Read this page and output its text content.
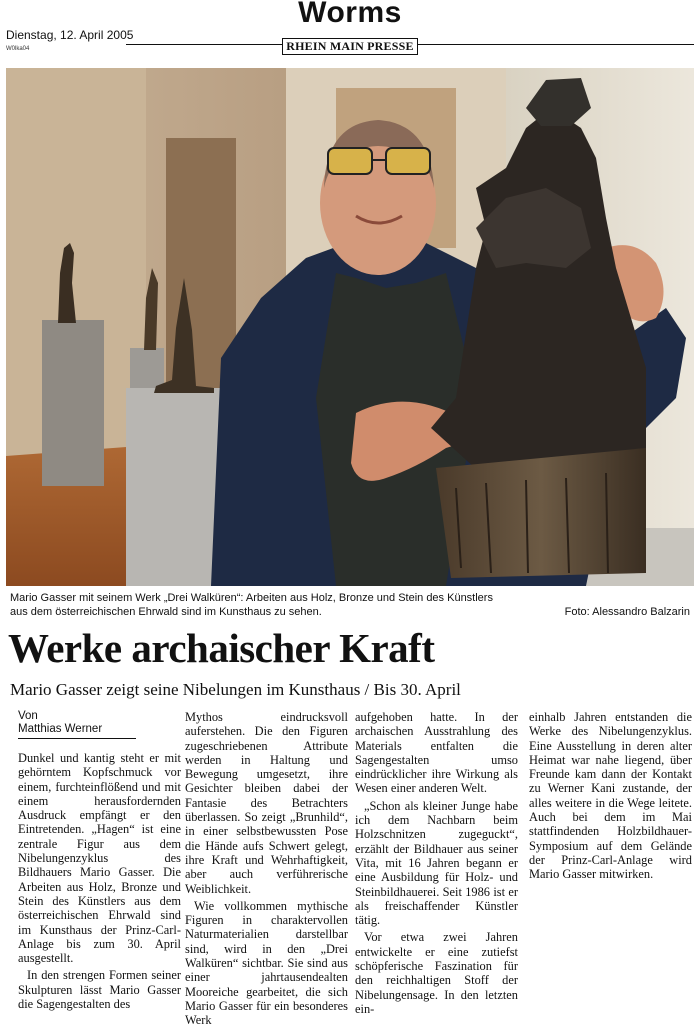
Dienstag, 12. April 2005
W0lka04
Worms
RHEIN MAIN PRESSE
Mario Gasser mit seinem Werk „Drei Walküren“: Arbeiten aus Holz, Bronze und Stein des Künstlers
aus dem österreichischen Ehrwald sind im Kunsthaus zu sehen.	Foto: Alessandro Balzarin
Werke archaischer Kraft
Mario Gasser zeigt seine Nibelungen im Kunsthaus / Bis 30. April
Von
Matthias Werner

Dunkel und kantig steht er mit gehörntem Kopfschmuck vor einem, furchteinflößend und mit einem herausfordernden Ausdruck empfängt er den Eintretenden. „Hagen“ ist eine zentrale Figur aus dem Nibelungenzyklus des Bildhauers Mario Gasser. Die Arbeiten aus Holz, Bronze und Stein des Künstlers aus dem österreichischen Ehrwald sind im Kunsthaus der Prinz-Carl-Anlage bis zum 30. April ausgestellt.

In den strengen Formen seiner Skulpturen lässt Mario Gasser die Sagengestalten des

Mythos eindrucksvoll auferstehen. Die den Figuren zugeschriebenen Attribute werden in Haltung und Bewegung umgesetzt, ihre Gesichter bleiben dabei der Fantasie des Betrachters überlassen. So zeigt „Brunhild“, in einer selbstbewussten Pose die Hände aufs Schwert gelegt, ihre Kraft und Wehrhaftigkeit, aber auch verführerische Weiblichkeit.

Wie vollkommen mythische Figuren in charaktervollen Naturmaterialien darstellbar sind, wird in den „Drei Walküren“ sichtbar. Sie sind aus einer jahrtausendealten Mooreiche gearbeitet, die sich Mario Gasser für ein besonderes Werk

aufgehoben hatte. In der archaischen Ausstrahlung des Materials entfalten die Sagengestalten umso eindrücklicher ihre Wirkung als Wesen einer anderen Welt.

„Schon als kleiner Junge habe ich dem Nachbarn beim Holzschnitzen zugeguckt“, erzählt der Bildhauer aus seiner Vita, mit 16 Jahren begann er eine Ausbildung für Holz- und Steinbildhauerei. Seit 1986 ist er als freischaffender Künstler tätig.

Vor etwa zwei Jahren entwickelte er eine zutiefst schöpferische Faszination für den reichhaltigen Stoff der Nibelungensage. In den letzten ein-

einhalb Jahren entstanden die Werke des Nibelungenzyklus. Eine Ausstellung in deren alter Heimat war nahe liegend, über Freunde kam dann der Kontakt zu Werner Kani zustande, der alles weitere in die Wege leitete. Auch bei dem im Mai stattfindenden Holzbildhauer-Symposium auf dem Gelände der Prinz-Carl-Anlage wird Mario Gasser mitwirken.
